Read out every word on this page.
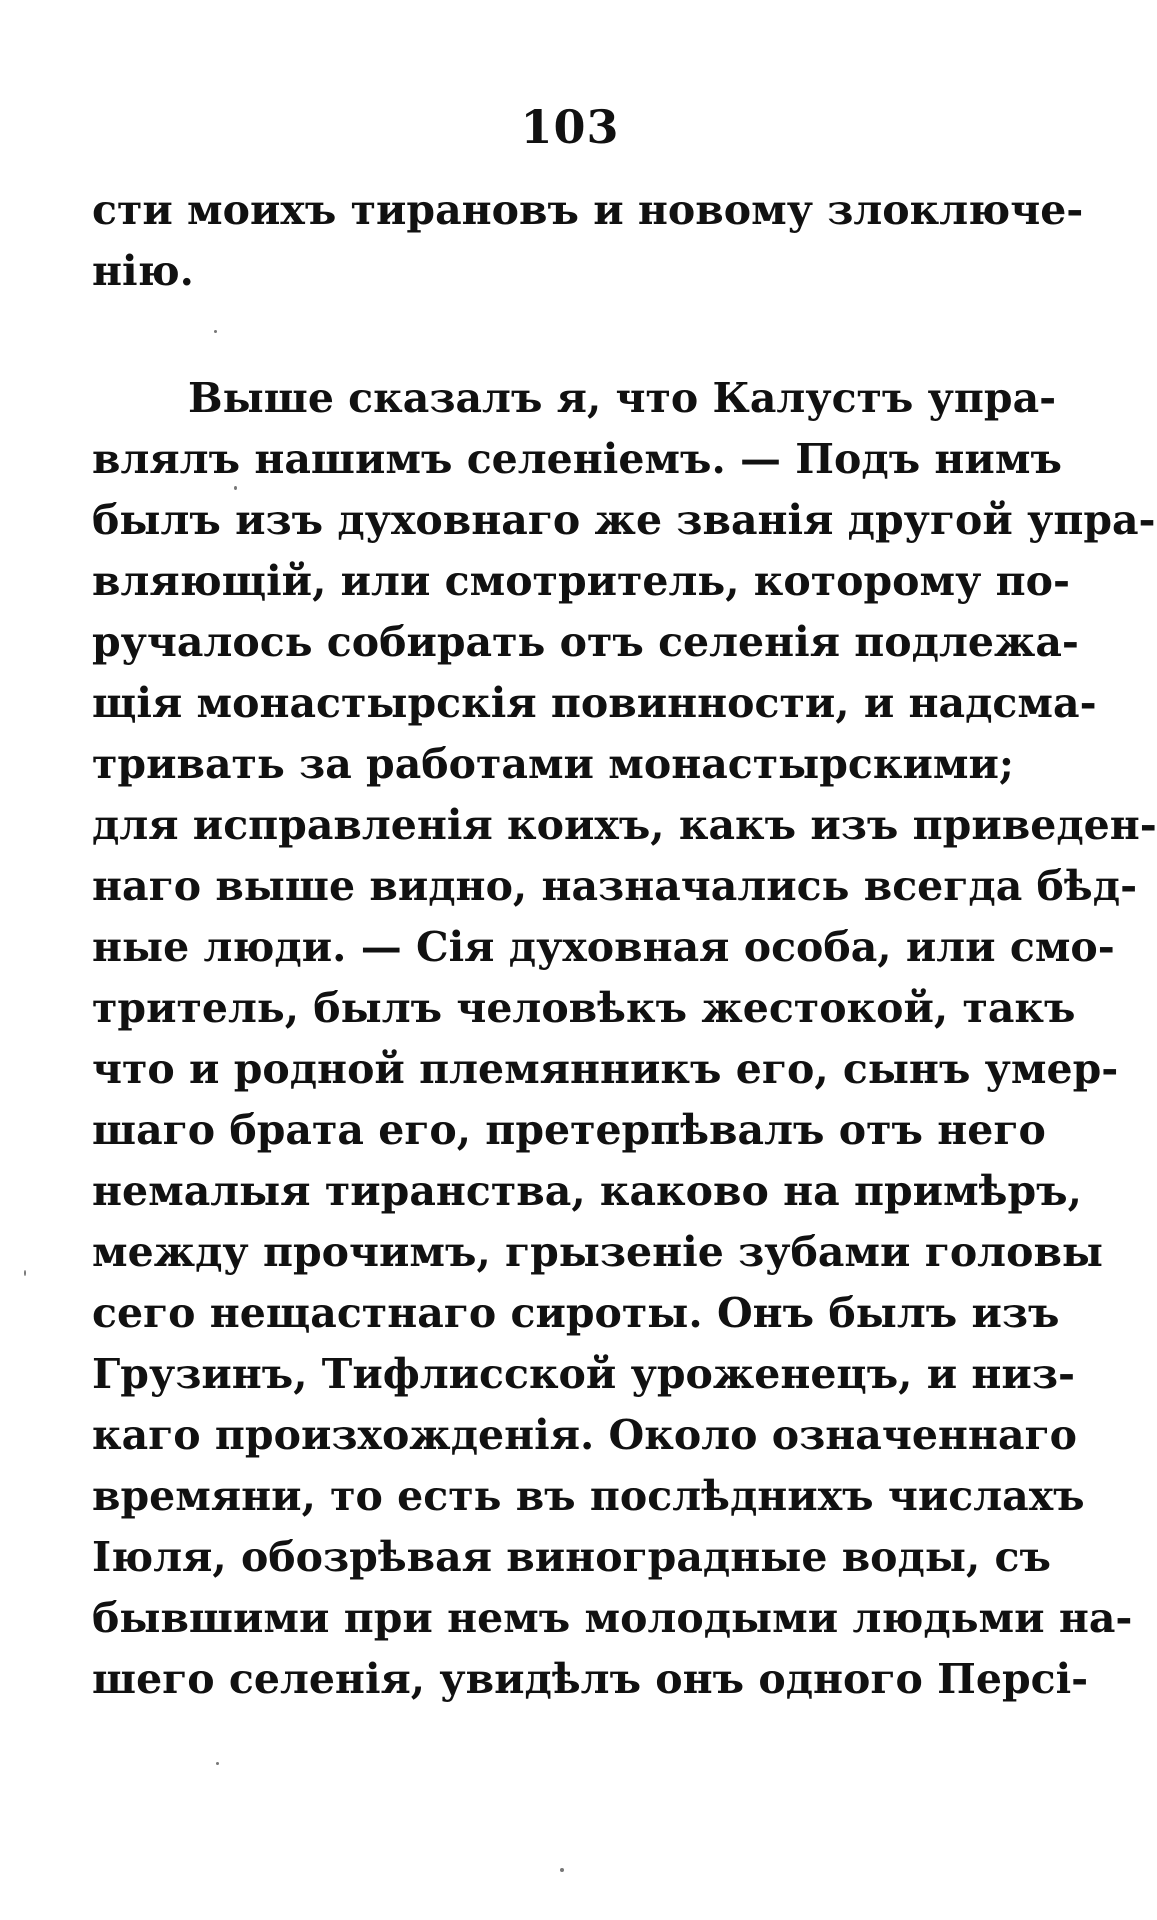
103
сти моихъ тирановъ и новому злоключе-
нію.
Выше сказалъ я, что Калустъ упра-
влялъ нашимъ селеніемъ. — Подъ нимъ
былъ изъ духовнаго же званія другой упра-
вляющій, или смотритель, которому по-
ручалось собирать отъ селенія подлежа-
щія монастырскія повинности, и надсма-
тривать за работами монастырскими;
для исправленія коихъ, какъ изъ приведен-
наго выше видно, назначались всегда бѣд-
ные люди. — Сія духовная особа, или смо-
тритель, былъ человѣкъ жестокой, такъ
что и родной племянникъ его, сынъ умер-
шаго брата его, претерпѣвалъ отъ него
немалыя тиранства, каково на примѣръ,
между прочимъ, грызеніе зубами головы
сего нещастнаго сироты. Онъ былъ изъ
Грузинъ, Тифлисской уроженецъ, и низ-
каго произхожденія. Около означеннаго
времяни, то есть въ послѣднихъ числахъ
Іюля, обозрѣвая виноградные воды, съ
бывшими при немъ молодыми людьми на-
шего селенія, увидѣлъ онъ одного Персі-
